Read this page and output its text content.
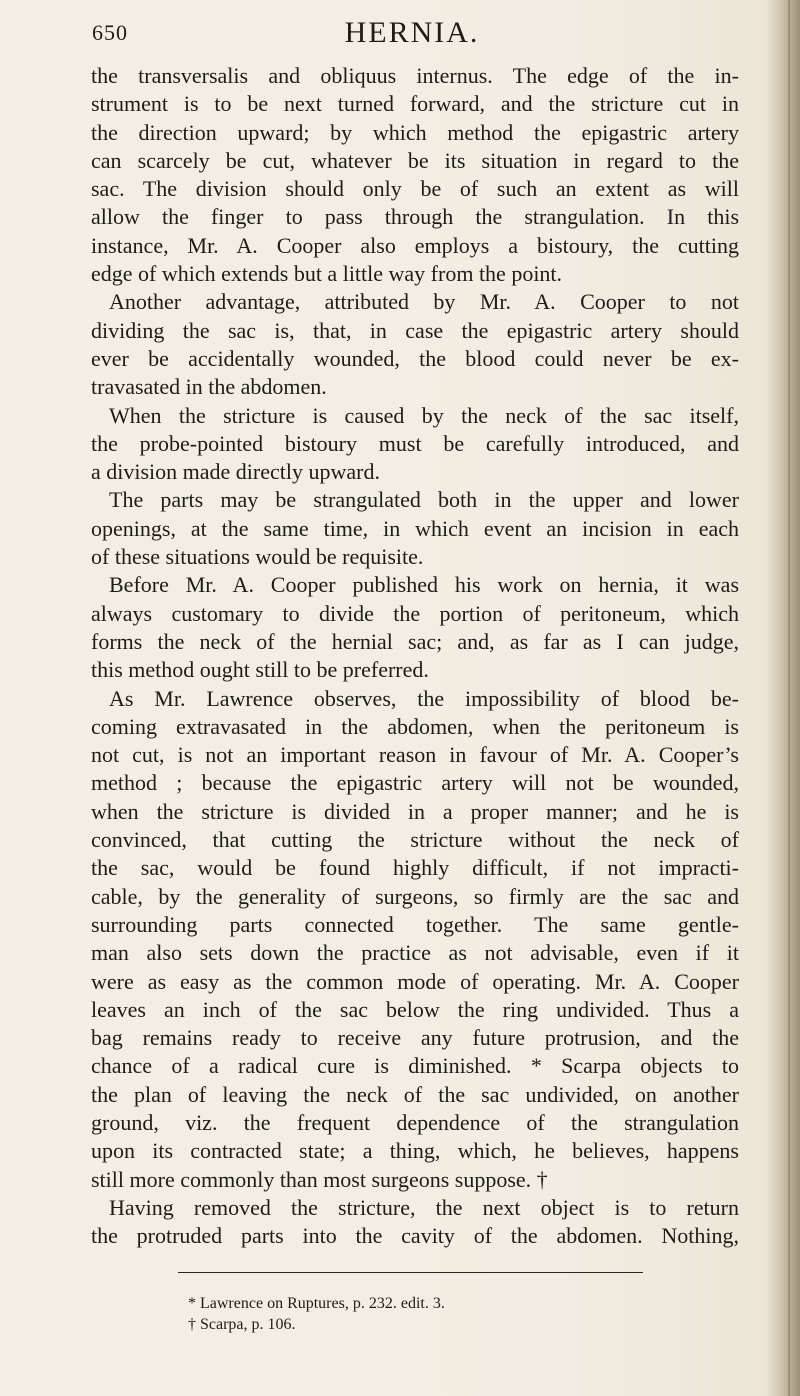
650	HERNIA.
the transversalis and obliquus internus. The edge of the in-
strument is to be next turned forward, and the stricture cut in
the direction upward; by which method the epigastric artery
can scarcely be cut, whatever be its situation in regard to the
sac. The division should only be of such an extent as will
allow the finger to pass through the strangulation. In this
instance, Mr. A. Cooper also employs a bistoury, the cutting
edge of which extends but a little way from the point.
Another advantage, attributed by Mr. A. Cooper to not
dividing the sac is, that, in case the epigastric artery should
ever be accidentally wounded, the blood could never be ex-
travasated in the abdomen.
When the stricture is caused by the neck of the sac itself,
the probe-pointed bistoury must be carefully introduced, and
a division made directly upward.
The parts may be strangulated both in the upper and lower
openings, at the same time, in which event an incision in each
of these situations would be requisite.
Before Mr. A. Cooper published his work on hernia, it was
always customary to divide the portion of peritoneum, which
forms the neck of the hernial sac; and, as far as I can judge,
this method ought still to be preferred.
As Mr. Lawrence observes, the impossibility of blood be-
coming extravasated in the abdomen, when the peritoneum is
not cut, is not an important reason in favour of Mr. A. Cooper’s
method ; because the epigastric artery will not be wounded,
when the stricture is divided in a proper manner; and he is
convinced, that cutting the stricture without the neck of
the sac, would be found highly difficult, if not impracti-
cable, by the generality of surgeons, so firmly are the sac and
surrounding parts connected together. The same gentle-
man also sets down the practice as not advisable, even if it
were as easy as the common mode of operating. Mr. A. Cooper
leaves an inch of the sac below the ring undivided. Thus a
bag remains ready to receive any future protrusion, and the
chance of a radical cure is diminished. * Scarpa objects to
the plan of leaving the neck of the sac undivided, on another
ground, viz. the frequent dependence of the strangulation
upon its contracted state; a thing, which, he believes, happens
still more commonly than most surgeons suppose. †
Having removed the stricture, the next object is to return
the protruded parts into the cavity of the abdomen. Nothing,
* Lawrence on Ruptures, p. 232. edit. 3.
† Scarpa, p. 106.
